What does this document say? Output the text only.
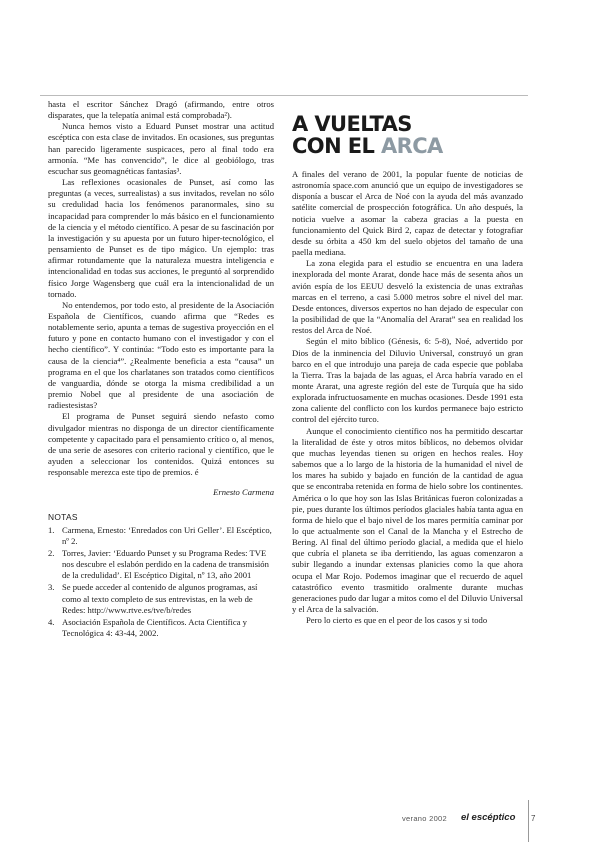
hasta el escritor Sánchez Dragó (afirmando, entre otros disparates, que la telepatía animal está comprobada²).

Nunca hemos visto a Eduard Punset mostrar una actitud escéptica con esta clase de invitados. En ocasiones, sus preguntas han parecido ligeramente suspicaces, pero al final todo era armonía. “Me has convencido”, le dice al geobiólogo, tras escuchar sus geomagnéticas fantasías³.

Las reflexiones ocasionales de Punset, así como las preguntas (a veces, surrealistas) a sus invitados, revelan no sólo su credulidad hacia los fenómenos paranormales, sino su incapacidad para comprender lo más básico en el funcionamiento de la ciencia y el método científico. A pesar de su fascinación por la investigación y su apuesta por un futuro hiper-tecnológico, el pensamiento de Punset es de tipo mágico. Un ejemplo: tras afirmar rotundamente que la naturaleza muestra inteligencia e intencionalidad en todas sus acciones, le preguntó al sorprendido físico Jorge Wagensberg que cuál era la intencionalidad de un tornado.

No entendemos, por todo esto, al presidente de la Asociación Española de Científicos, cuando afirma que “Redes es notablemente serio, apunta a temas de sugestiva proyección en el futuro y pone en contacto humano con el investigador y con el hecho científico”. Y continúa: “Todo esto es importante para la causa de la ciencia⁴”. ¿Realmente beneficia a esta “causa” un programa en el que los charlatanes son tratados como científicos de vanguardia, dónde se otorga la misma credibilidad a un premio Nobel que al presidente de una asociación de radiestesistas?

El programa de Punset seguirá siendo nefasto como divulgador mientras no disponga de un director científicamente competente y capacitado para el pensamiento crítico o, al menos, de una serie de asesores con criterio racional y científico, que le ayuden a seleccionar los contenidos. Quizá entonces su responsable merezca este tipo de premios. é

Ernesto Carmena

NOTAS

1. Carmena, Ernesto: ‘Enredados con Uri Geller’. El Escéptico, nº 2.
2. Torres, Javier: ‘Eduardo Punset y su Programa Redes: TVE nos descubre el eslabón perdido en la cadena de transmisión de la credulidad’. El Escéptico Digital, nº 13, año 2001
3. Se puede acceder al contenido de algunos programas, así como al texto completo de sus entrevistas, en la web de Redes: http://www.rtve.es/tve/b/redes
4. Asociación Española de Científicos. Acta Científica y Tecnológica 4: 43-44, 2002.
A VUELTAS
CON EL ARCA

A finales del verano de 2001, la popular fuente de noticias de astronomía space.com anunció que un equipo de investigadores se disponía a buscar el Arca de Noé con la ayuda del más avanzado satélite comercial de prospección fotográfica. Un año después, la noticia vuelve a asomar la cabeza gracias a la puesta en funcionamiento del Quick Bird 2, capaz de detectar y fotografiar desde su órbita a 450 km del suelo objetos del tamaño de una paella mediana.

La zona elegida para el estudio se encuentra en una ladera inexplorada del monte Ararat, donde hace más de sesenta años un avión espía de los EEUU desveló la existencia de unas extrañas marcas en el terreno, a casi 5.000 metros sobre el nivel del mar. Desde entonces, diversos expertos no han dejado de especular con la posibilidad de que la “Anomalía del Ararat” sea en realidad los restos del Arca de Noé.

Según el mito bíblico (Génesis, 6: 5-8), Noé, advertido por Dios de la inminencia del Diluvio Universal, construyó un gran barco en el que introdujo una pareja de cada especie que poblaba la Tierra. Tras la bajada de las aguas, el Arca habría varado en el monte Ararat, una agreste región del este de Turquía que ha sido explorada infructuosamente en muchas ocasiones. Desde 1991 esta zona caliente del conflicto con los kurdos permanece bajo estricto control del ejército turco.

Aunque el conocimiento científico nos ha permitido descartar la literalidad de éste y otros mitos bíblicos, no debemos olvidar que muchas leyendas tienen su origen en hechos reales. Hoy sabemos que a lo largo de la historia de la humanidad el nivel de los mares ha subido y bajado en función de la cantidad de agua que se encontraba retenida en forma de hielo sobre los continentes. América o lo que hoy son las Islas Británicas fueron colonizadas a pie, pues durante los últimos períodos glaciales había tanta agua en forma de hielo que el bajo nivel de los mares permitía caminar por lo que actualmente son el Canal de la Mancha y el Estrecho de Bering. Al final del último período glacial, a medida que el hielo que cubría el planeta se iba derritiendo, las aguas comenzaron a subir llegando a inundar extensas planicies como la que ahora ocupa el Mar Rojo. Podemos imaginar que el recuerdo de aquel catastrófico evento trasmitido oralmente durante muchas generaciones pudo dar lugar a mitos como el del Diluvio Universal y el Arca de la salvación.

Pero lo cierto es que en el peor de los casos y si todo

verano 2002 el escéptico 7
